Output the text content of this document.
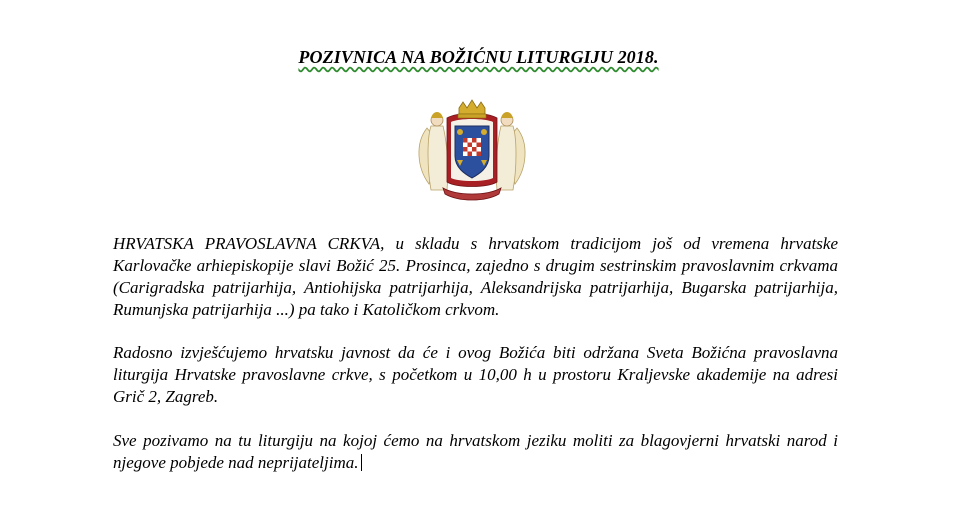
POZIVNICA NA BOŽIĆNU LITURGIJU 2018.
HRVATSKA PRAVOSLAVNA CRKVA, u skladu s hrvatskom tradicijom još od vremena hrvatske Karlovačke arhiepiskopije slavi Božić 25. Prosinca, zajedno s drugim sestrinskim pravoslavnim crkvama (Carigradska patrijarhija, Antiohijska patrijarhija, Aleksandrijska patrijarhija, Bugarska patrijarhija, Rumunjska patrijarhija ...) pa tako i Katoličkom crkvom.
Radosno izvješćujemo hrvatsku javnost da će i ovog Božića biti održana Sveta Božićna pravoslavna liturgija Hrvatske pravoslavne crkve, s početkom u 10,00 h u prostoru Kraljevske akademije na adresi Grič 2, Zagreb.
Sve pozivamo na tu liturgiju na kojoj ćemo na hrvatskom jeziku moliti za blagovjerni hrvatski narod i njegove pobjede nad neprijateljima.
